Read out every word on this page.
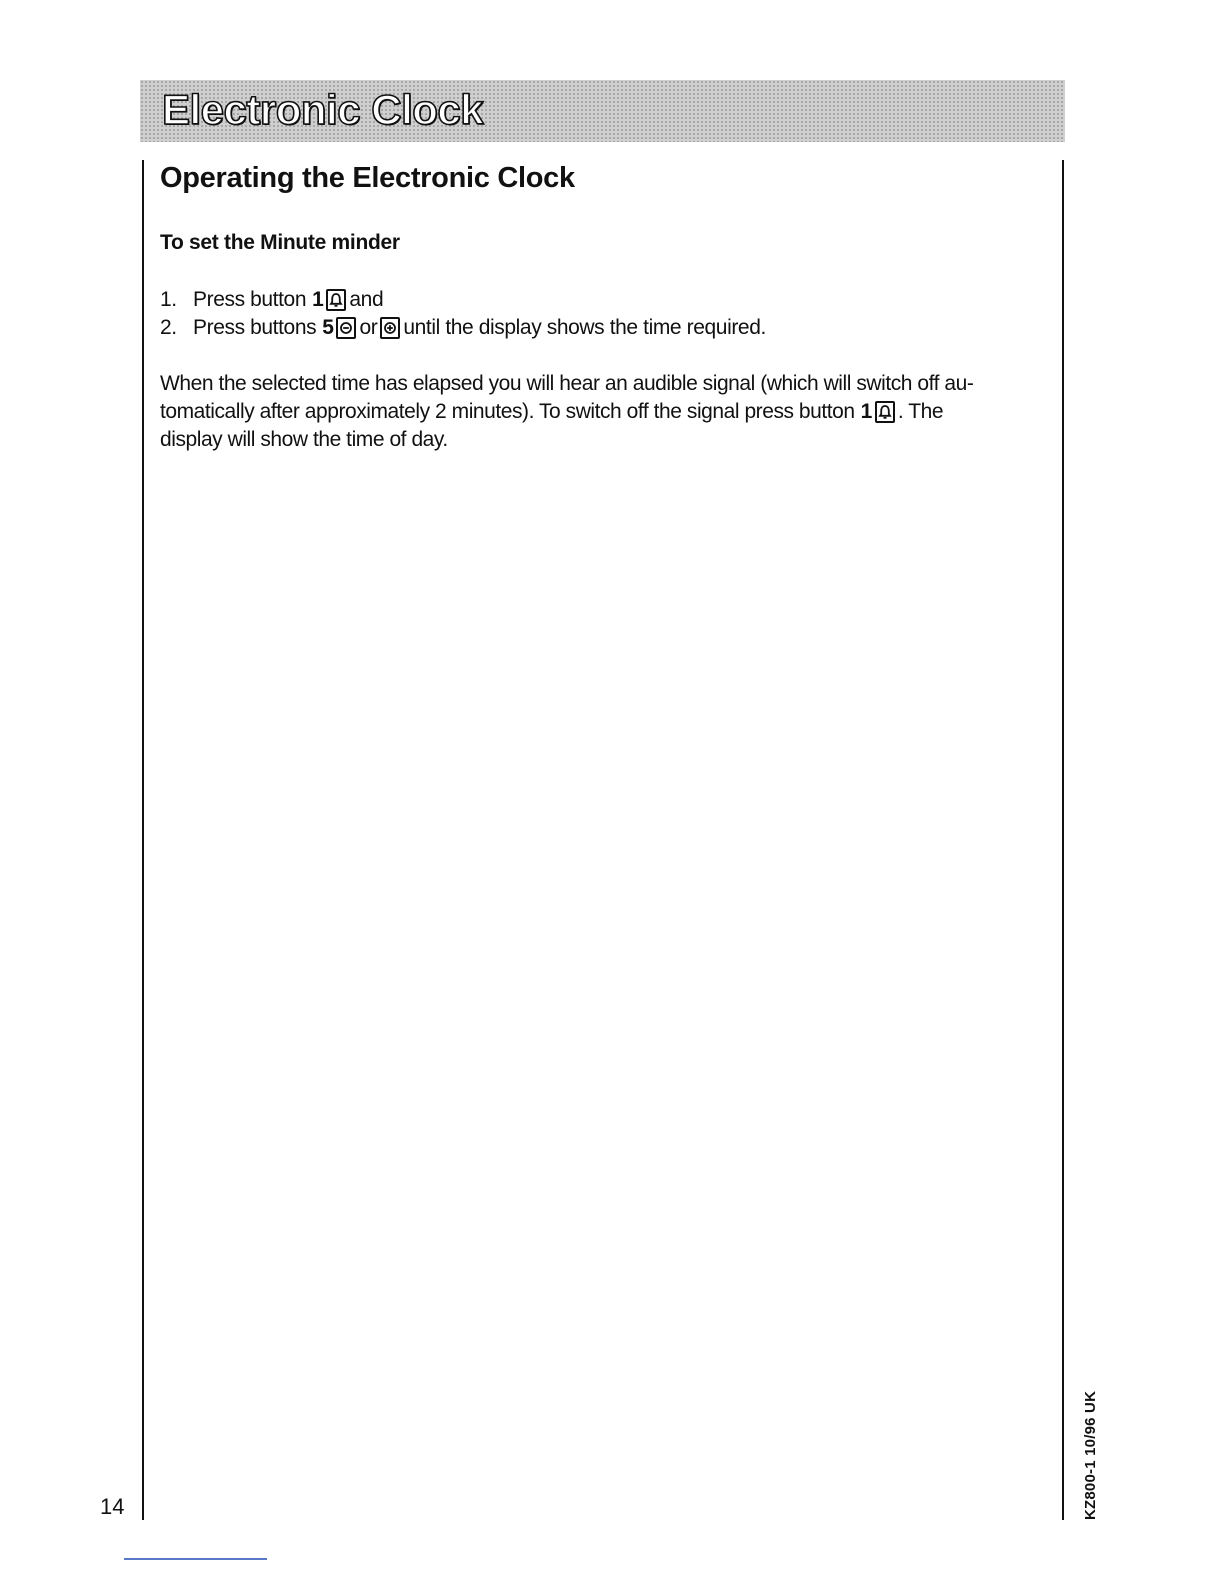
Electronic Clock
Operating the Electronic Clock
To set the Minute minder
1. Press button 1 and
2. Press buttons 5 or until the display shows the time required.
When the selected time has elapsed you will hear an audible signal (which will switch off au-
tomatically after approximately 2 minutes). To switch off the signal press button 1 . The
display will show the time of day.
14	KZ800-1 10/96 UK
